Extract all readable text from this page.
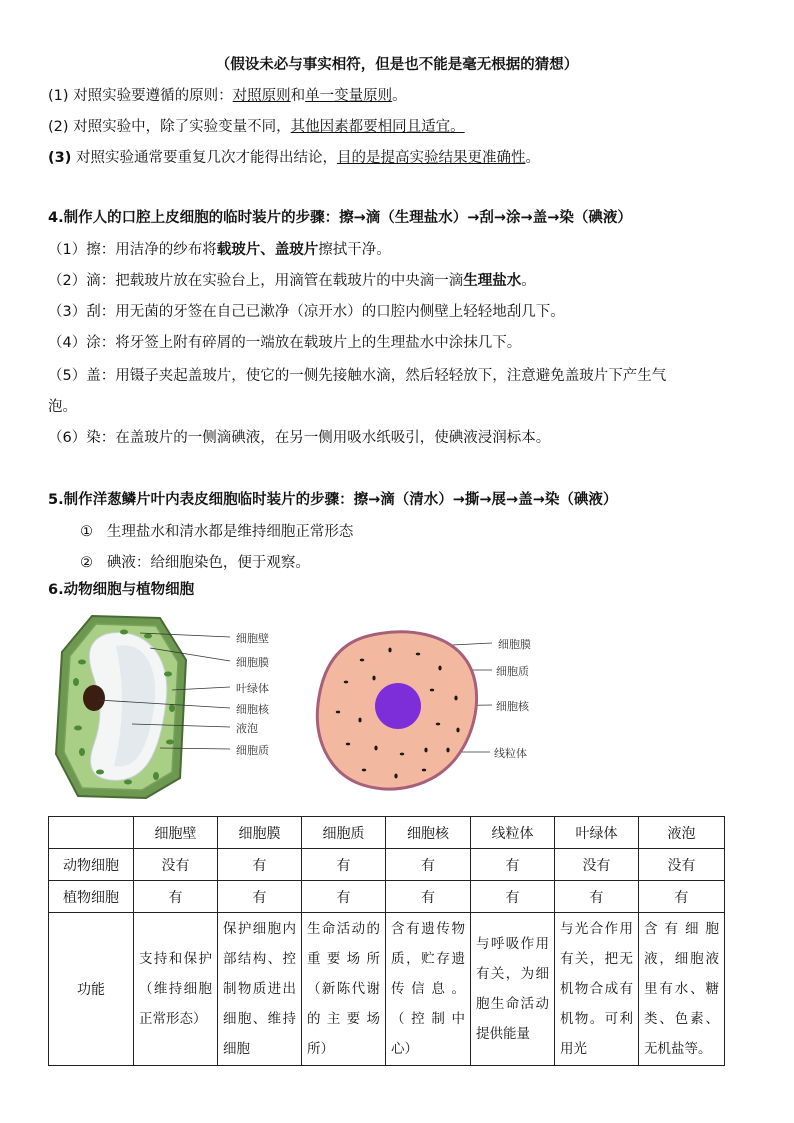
（假设未必与事实相符，但是也不能是毫无根据的猜想）
(1) 对照实验要遵循的原则：对照原则和单一变量原则。
(2) 对照实验中，除了实验变量不同，其他因素都要相同且适宜。
(3) 对照实验通常要重复几次才能得出结论，目的是提高实验结果更准确性。
4.制作人的口腔上皮细胞的临时装片的步骤：擦→滴（生理盐水）→刮→涂→盖→染（碘液）
（1）擦：用洁净的纱布将载玻片、盖玻片擦拭干净。
（2）滴：把载玻片放在实验台上，用滴管在载玻片的中央滴一滴生理盐水。
（3）刮：用无菌的牙签在自己已漱净（凉开水）的口腔内侧壁上轻轻地刮几下。
（4）涂：将牙签上附有碎屑的一端放在载玻片上的生理盐水中涂抹几下。
（5）盖：用镊子夹起盖玻片，使它的一侧先接触水滴，然后轻轻放下，注意避免盖玻片下产生气
泡。
（6）染：在盖玻片的一侧滴碘液，在另一侧用吸水纸吸引，使碘液浸润标本。
5.制作洋葱鳞片叶内表皮细胞临时装片的步骤：擦→滴（清水）→撕→展→盖→染（碘液）
① 生理盐水和清水都是维持细胞正常形态
② 碘液：给细胞染色，便于观察。
6.动物细胞与植物细胞
细胞壁
细胞膜
叶绿体
细胞核
液泡
细胞质
细胞膜
细胞质
细胞核
线粒体
	细胞壁	细胞膜	细胞质	细胞核	线粒体	叶绿体	液泡
动物细胞	没有	有	有	有	有	没有	没有
植物细胞	有	有	有	有	有	有	有
功能	支持和保护（维持细胞正常形态）	保护细胞内部结构、控制物质进出细胞、维持细胞	生命活动的重要场所（新陈代谢的主要场所）	含有遗传物质，贮存遗传信息。（控制中心）	与呼吸作用有关，为细胞生命活动提供能量	与光合作用有关，把无机物合成有机物。可利用光	含有细胞液，细胞液里有水、糖类、色素、无机盐等。
